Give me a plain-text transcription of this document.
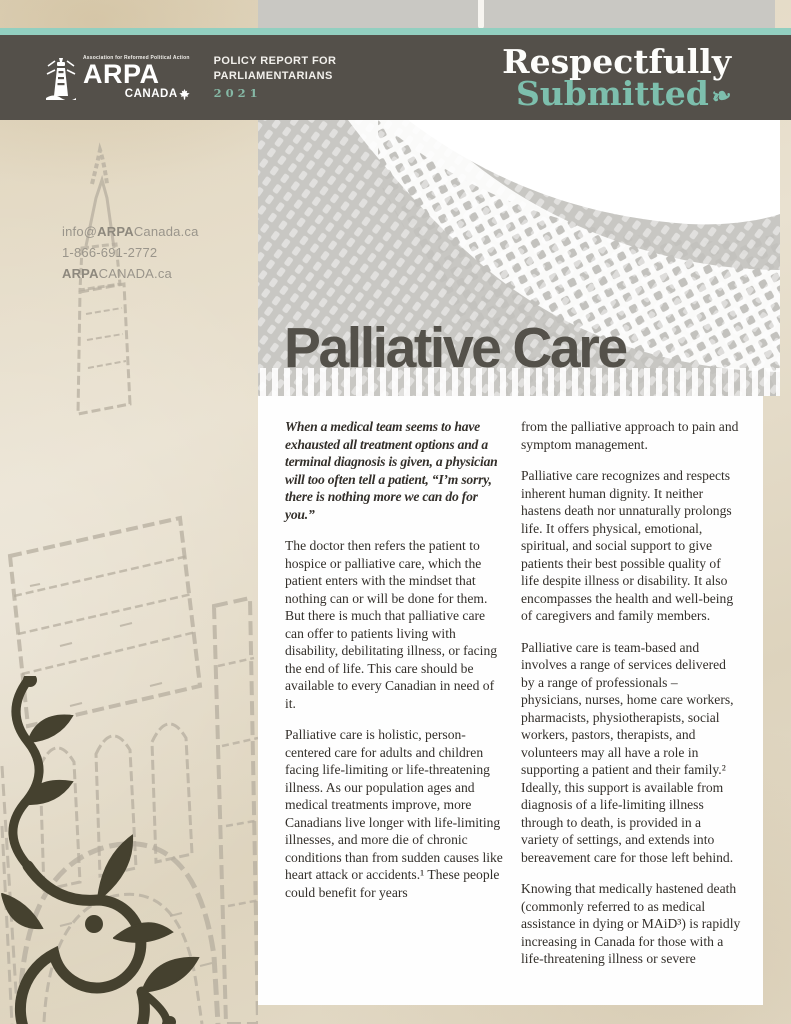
Association for Reformed Political Action
ARPA
CANADA
POLICY REPORT FOR
PARLIAMENTARIANS
2021
Respectfully
Submitted ❧
info@ARPACanada.ca
1-866-691-2772
ARPACANADA.ca
Palliative Care

When a medical team seems to have exhausted all treatment options and a terminal diagnosis is given, a physician will too often tell a patient, “I’m sorry, there is nothing more we can do for you.”

The doctor then refers the patient to hospice or palliative care, which the patient enters with the mindset that nothing can or will be done for them. But there is much that palliative care can offer to patients living with disability, debilitating illness, or facing the end of life. This care should be available to every Canadian in need of it.

Palliative care is holistic, person-centered care for adults and children facing life-limiting or life-threatening illness. As our population ages and medical treatments improve, more Canadians live longer with life-limiting illnesses, and more die of chronic conditions than from sudden causes like heart attack or accidents.¹ These people could benefit for years

from the palliative approach to pain and symptom management.

Palliative care recognizes and respects inherent human dignity. It neither hastens death nor unnaturally prolongs life. It offers physical, emotional, spiritual, and social support to give patients their best possible quality of life despite illness or disability. It also encompasses the health and well-being of caregivers and family members.

Palliative care is team-based and involves a range of services delivered by a range of professionals – physicians, nurses, home care workers, pharmacists, physiotherapists, social workers, pastors, therapists, and volunteers may all have a role in supporting a patient and their family.² Ideally, this support is available from diagnosis of a life-limiting illness through to death, is provided in a variety of settings, and extends into bereavement care for those left behind.

Knowing that medically hastened death (commonly referred to as medical assistance in dying or MAiD³) is rapidly increasing in Canada for those with a life-threatening illness or severe
